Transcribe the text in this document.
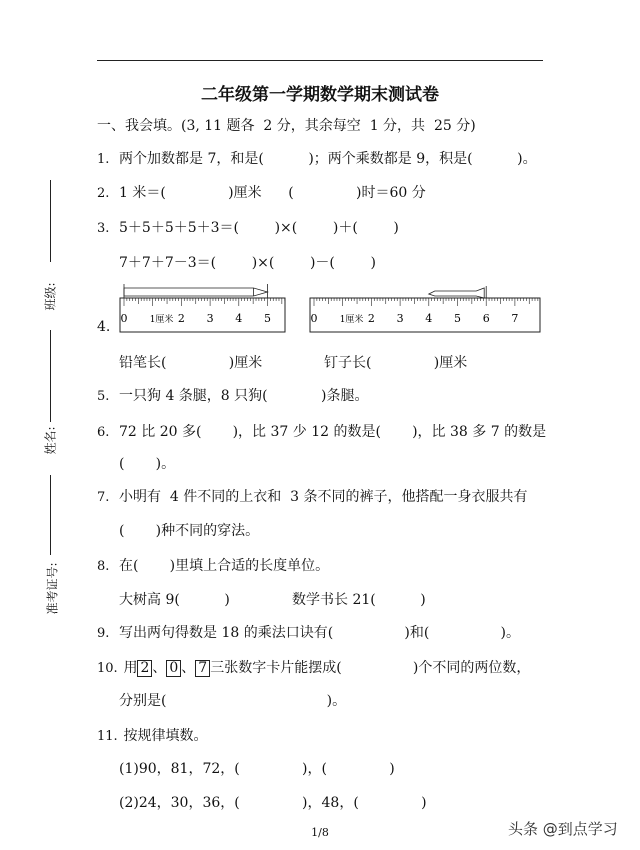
二年级第一学期数学期末测试卷
班级:
姓名:
准考证号:
一、我会填。(3, 11 题各  2 分，其余每空  1 分，共  25 分)
1. 两个加数都是 7，和是(          )；两个乘数都是 9，积是(          )。
2. 1 米＝(              )厘米      (              )时＝60 分
3. 5＋5＋5＋5＋3＝(        )×(        )＋(        )
7＋7＋7－3＝(        )×(        )－(        )
4.
0 1厘米 2 3 4 5	0 1厘米 2 3 4 5 6 7
铅笔长(              )厘米	钉子长(              )厘米
5. 一只狗 4 条腿，8 只狗(            )条腿。
6. 72 比 20 多(       )，比 37 少 12 的数是(       )，比 38 多 7 的数是
(       )。
7. 小明有  4 件不同的上衣和  3 条不同的裤子，他搭配一身衣服共有
(       )种不同的穿法。
8. 在(       )里填上合适的长度单位。
大树高 9(          )	数学书长 21(          )
9. 写出两句得数是 18 的乘法口诀有(                )和(                )。
10. 用 2 、 0 、 7 三张数字卡片能摆成(                )个不同的两位数，
分别是(                                    )。
11. 按规律填数。
(1)90，81，72，(              )，(              )
(2)24，30，36，(              )，48，(              )
1/8	头条 @到点学习
